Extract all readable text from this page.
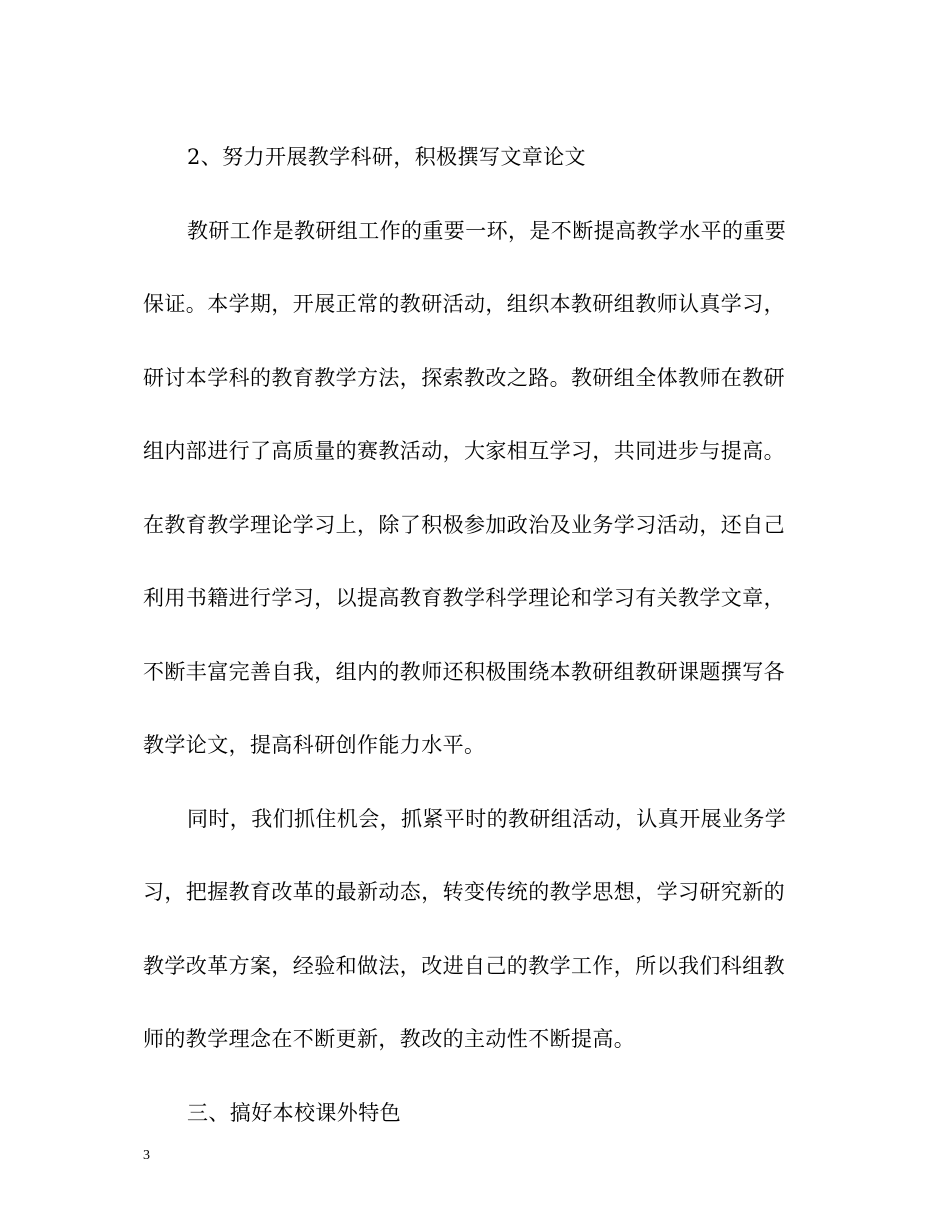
2、努力开展教学科研，积极撰写文章论文
教研工作是教研组工作的重要一环，是不断提高教学水平的重要
保证。本学期，开展正常的教研活动，组织本教研组教师认真学习，
研讨本学科的教育教学方法，探索教改之路。教研组全体教师在教研
组内部进行了高质量的赛教活动，大家相互学习，共同进步与提高。
在教育教学理论学习上，除了积极参加政治及业务学习活动，还自己
利用书籍进行学习，以提高教育教学科学理论和学习有关教学文章，
不断丰富完善自我，组内的教师还积极围绕本教研组教研课题撰写各
教学论文，提高科研创作能力水平。
同时，我们抓住机会，抓紧平时的教研组活动，认真开展业务学
习，把握教育改革的最新动态，转变传统的教学思想，学习研究新的
教学改革方案，经验和做法，改进自己的教学工作，所以我们科组教
师的教学理念在不断更新，教改的主动性不断提高。
三、搞好本校课外特色
3
